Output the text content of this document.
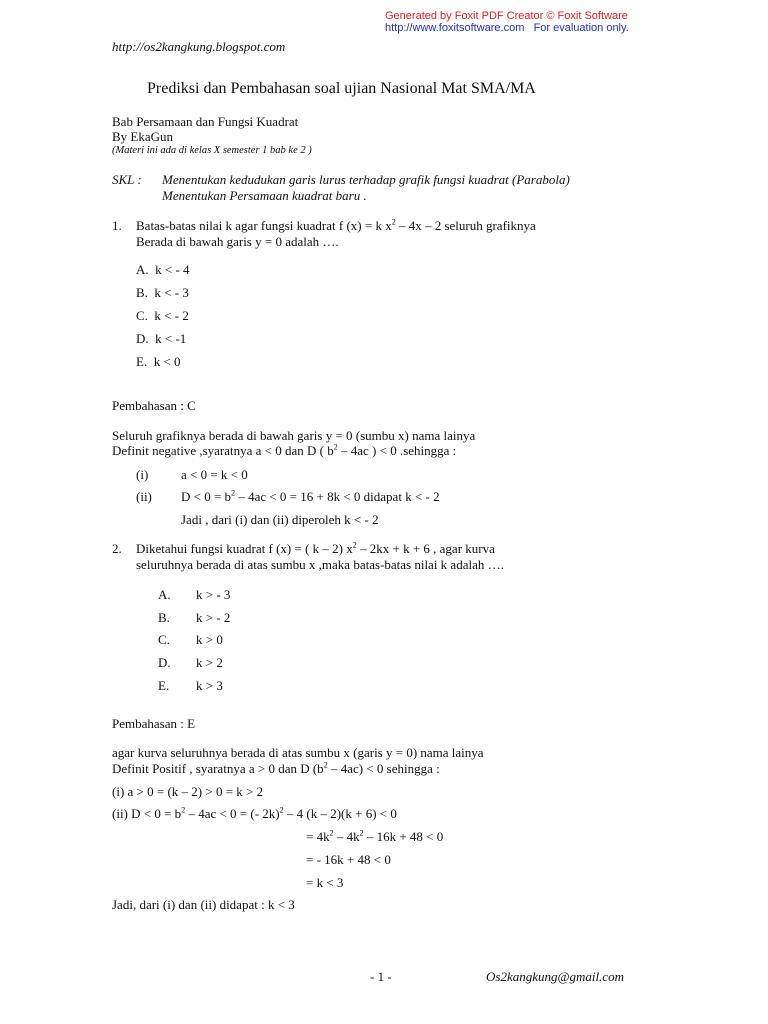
Generated by Foxit PDF Creator © Foxit Software
http://www.foxitsoftware.com For evaluation only.
http://os2kangkung.blogspot.com
Prediksi dan Pembahasan soal ujian Nasional Mat SMA/MA
Bab Persamaan dan Fungsi Kuadrat
By EkaGun
(Materi ini ada di kelas X semester 1 bab ke 2 )
SKL : Menentukan kedudukan garis lurus terhadap grafik fungsi kuadrat (Parabola)
Menentukan Persamaan kuadrat baru .
1. Batas-batas nilai k agar fungsi kuadrat f (x) = k $x^2 - 4x - 2$ seluruh grafiknya
Berada di bawah garis y = 0 adalah ….
A. k < - 4
B. k < - 3
C. k < - 2
D. k < -1
E. k < 0
Pembahasan : C
Seluruh grafiknya berada di bawah garis y = 0 (sumbu x) nama lainya
Definit negative ,syaratnya a < 0 dan D ( $b^2 - 4ac$ ) < 0 .sehingga :
(i)	a < 0 = k < 0
(ii) $D < 0 = b^2 - 4ac < 0 = 16 + 8k < 0$ didapat k < - 2
Jadi , dari (i) dan (ii) diperoleh k < - 2
2. Diketahui fungsi kuadrat f (x) = ( k – 2) $x^2 - 2kx + k + 6$ , agar kurva
seluruhnya berada di atas sumbu x ,maka batas-batas nilai k adalah ….
A. k > - 3
B. k > - 2
C. k > 0
D. k > 2
E. k > 3
Pembahasan : E
agar kurva seluruhnya berada di atas sumbu x (garis y = 0) nama lainya
Definit Positif , syaratnya a > 0 dan D $(b^2 - 4ac) < 0$ sehingga :
(i) a > 0 = (k – 2) > 0 = k > 2
(ii) $D < 0 = b^2 - 4ac < 0$ = (- 2k)$^2$ – 4 (k – 2)(k + 6) < 0
= $4k^2 - 4k^2 - 16k + 48 < 0$
= - 16k + 48 < 0
= k < 3
Jadi, dari (i) dan (ii) didapat : k < 3
- 1 -	Os2kangkung@gmail.com
